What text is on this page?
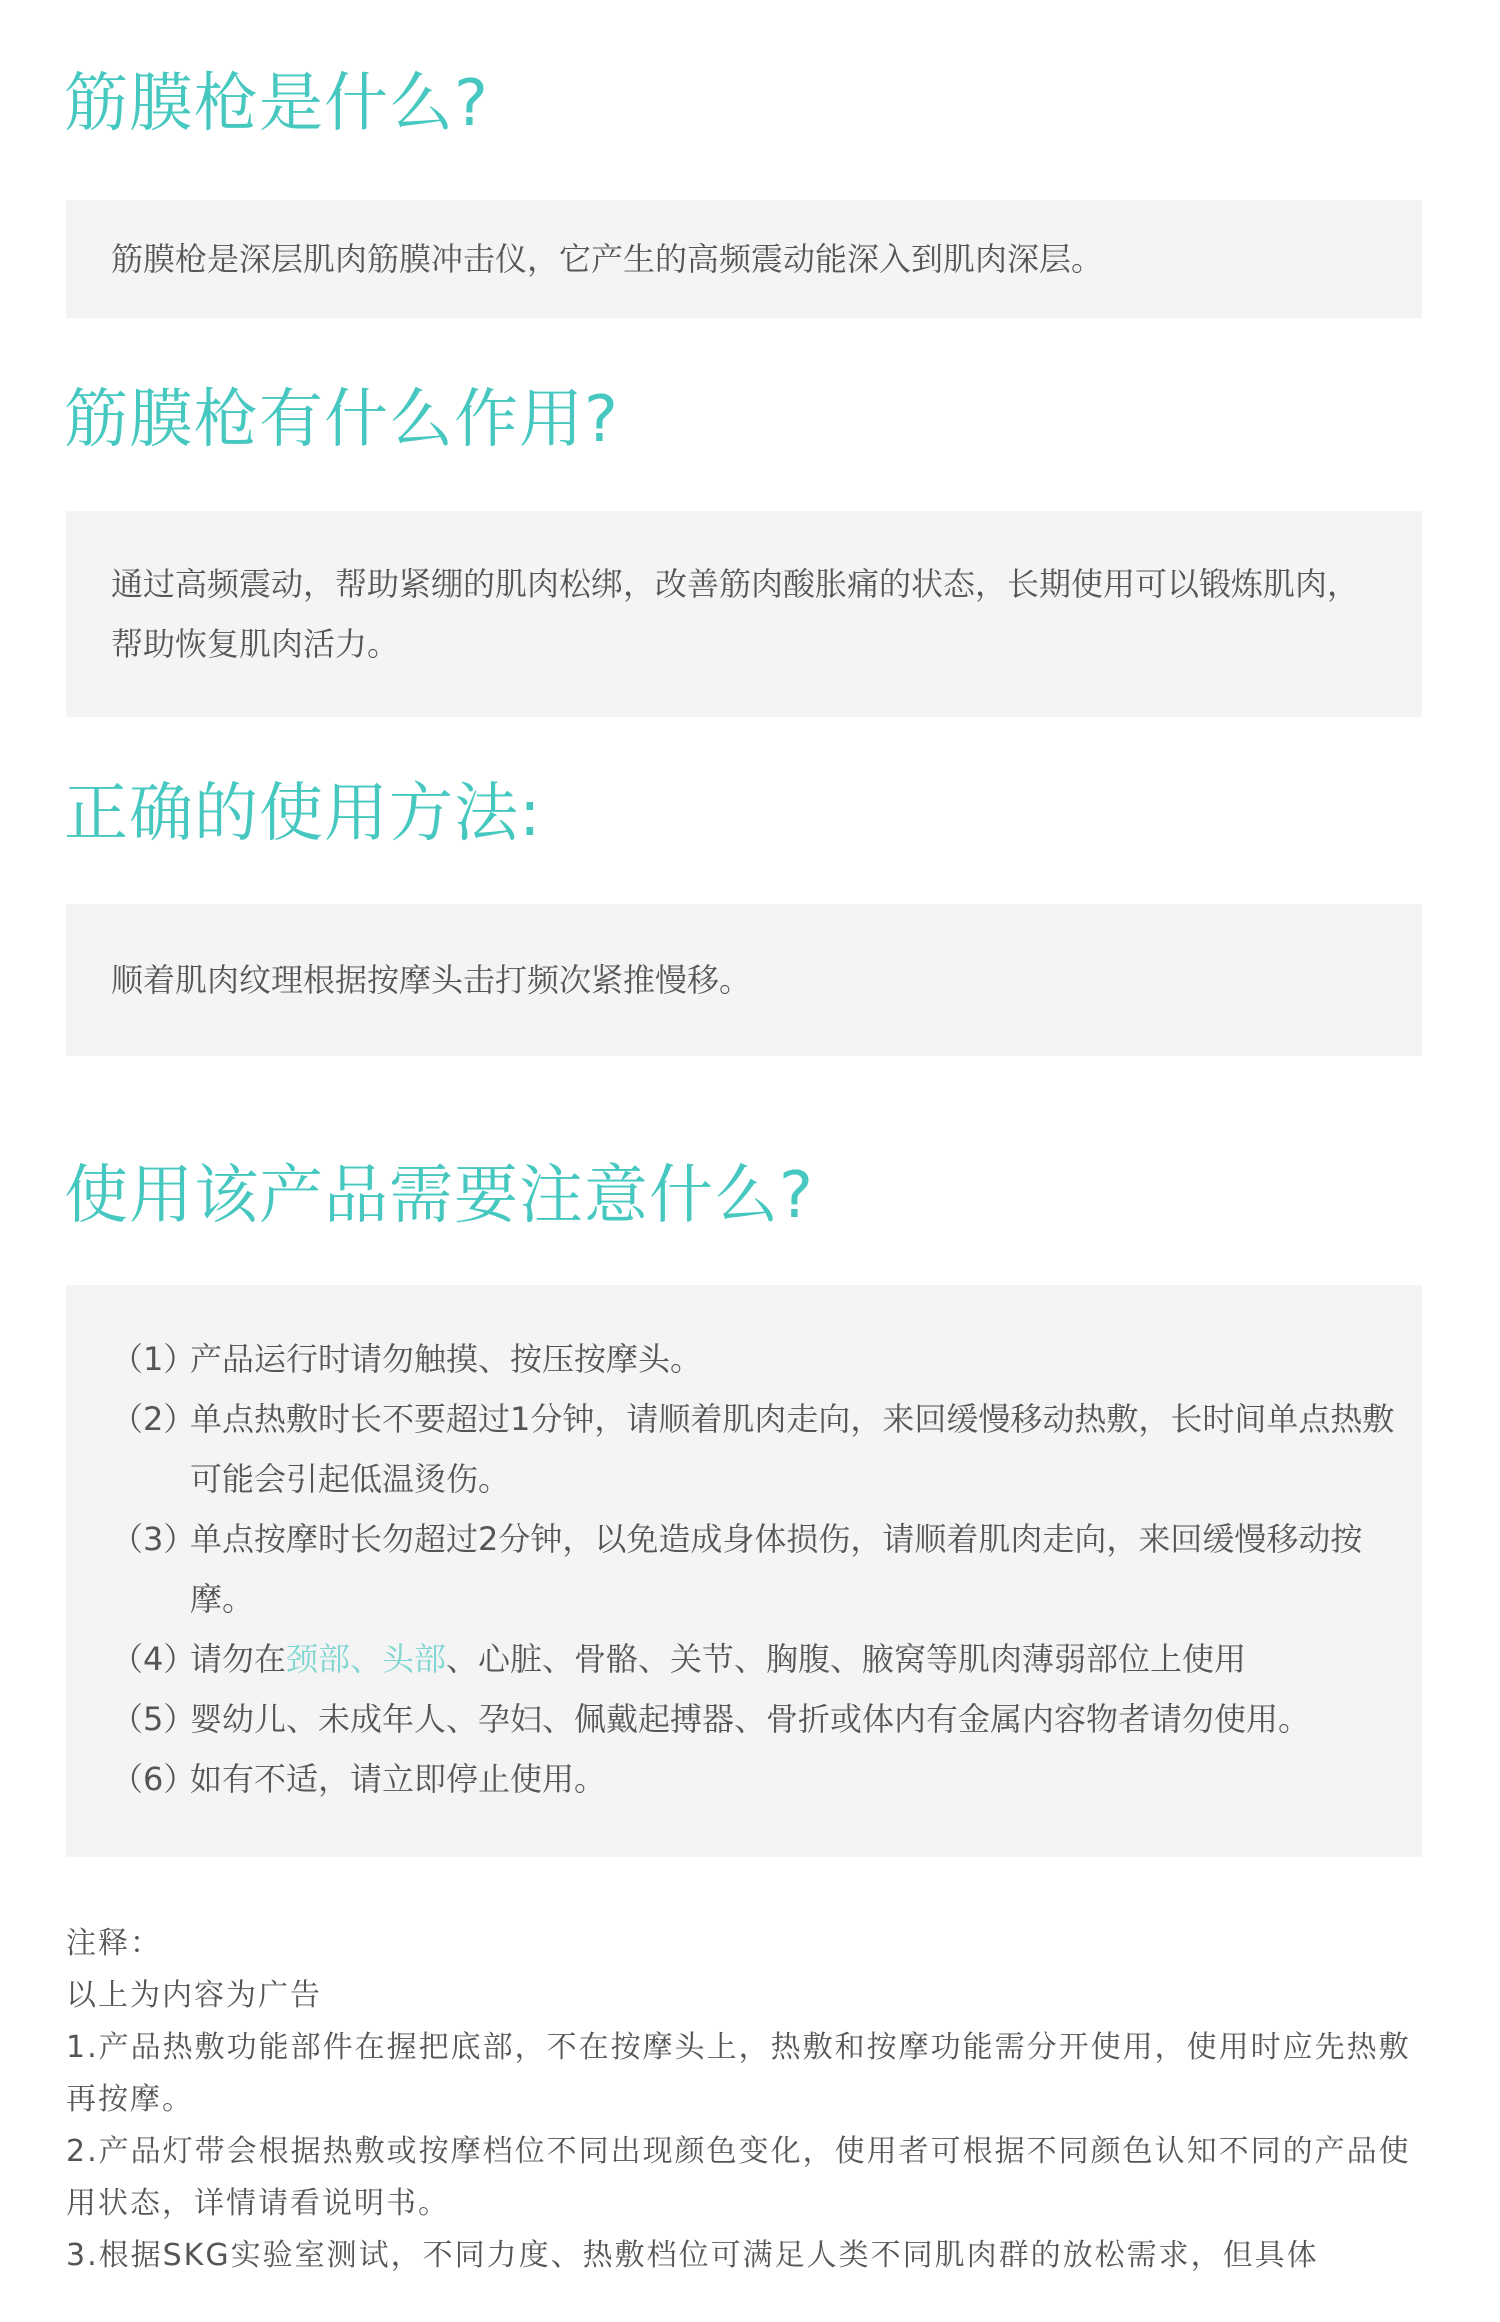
筋膜枪是什么?

筋膜枪是深层肌肉筋膜冲击仪，它产生的高频震动能深入到肌肉深层。

筋膜枪有什么作用?

通过高频震动，帮助紧绷的肌肉松绑，改善筋肉酸胀痛的状态，长期使用可以锻炼肌肉，帮助恢复肌肉活力。

正确的使用方法:

顺着肌肉纹理根据按摩头击打频次紧推慢移。

使用该产品需要注意什么?
（1）
产品运行时请勿触摸、按压按摩头。
（2）
单点热敷时长不要超过1分钟，请顺着肌肉走向，来回缓慢移动热敷，长时间单点热敷可能会引起低温烫伤。
（3）
单点按摩时长勿超过2分钟，以免造成身体损伤，请顺着肌肉走向，来回缓慢移动按摩。
（4）
请勿在颈部、头部、心脏、骨骼、关节、胸腹、腋窝等肌肉薄弱部位上使用
（5）
婴幼儿、未成年人、孕妇、佩戴起搏器、骨折或体内有金属内容物者请勿使用。
（6）
如有不适，请立即停止使用。
注释：
以上为内容为广告
1.产品热敷功能部件在握把底部，不在按摩头上，热敷和按摩功能需分开使用，使用时应先热敷再按摩。
2.产品灯带会根据热敷或按摩档位不同出现颜色变化，使用者可根据不同颜色认知不同的产品使用状态，详情请看说明书。
3.根据SKG实验室测试，不同力度、热敷档位可满足人类不同肌肉群的放松需求，但具体
